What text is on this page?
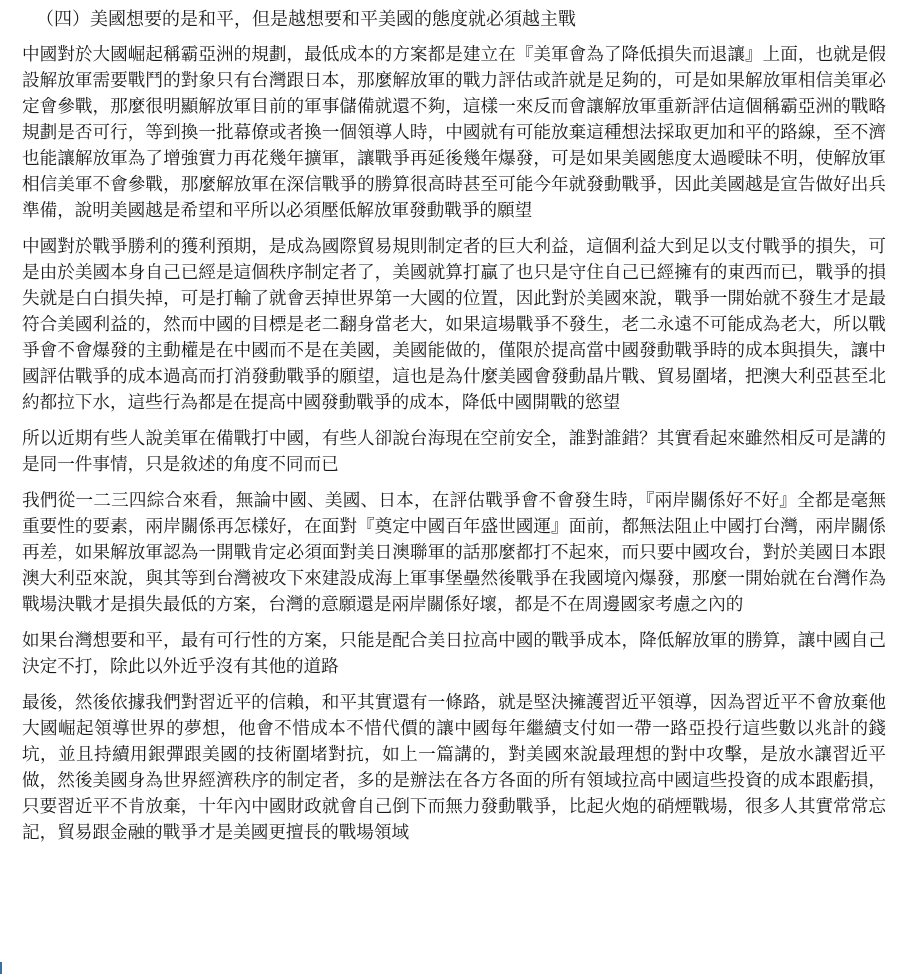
（四）美國想要的是和平，但是越想要和平美國的態度就必須越主戰

中國對於大國崛起稱霸亞洲的規劃，最低成本的方案都是建立在『美軍會為了降低損失而退讓』上面，也就是假設解放軍需要戰鬥的對象只有台灣跟日本，那麼解放軍的戰力評估或許就是足夠的，可是如果解放軍相信美軍必定會參戰，那麼很明顯解放軍目前的軍事儲備就還不夠，這樣一來反而會讓解放軍重新評估這個稱霸亞洲的戰略規劃是否可行，等到換一批幕僚或者換一個領導人時，中國就有可能放棄這種想法採取更加和平的路線，至不濟也能讓解放軍為了增強實力再花幾年擴軍，讓戰爭再延後幾年爆發，可是如果美國態度太過曖昧不明，使解放軍相信美軍不會參戰，那麼解放軍在深信戰爭的勝算很高時甚至可能今年就發動戰爭，因此美國越是宣告做好出兵準備，說明美國越是希望和平所以必須壓低解放軍發動戰爭的願望

中國對於戰爭勝利的獲利預期，是成為國際貿易規則制定者的巨大利益，這個利益大到足以支付戰爭的損失，可是由於美國本身自己已經是這個秩序制定者了，美國就算打贏了也只是守住自己已經擁有的東西而已，戰爭的損失就是白白損失掉，可是打輸了就會丟掉世界第一大國的位置，因此對於美國來說，戰爭一開始就不發生才是最符合美國利益的，然而中國的目標是老二翻身當老大，如果這場戰爭不發生，老二永遠不可能成為老大，所以戰爭會不會爆發的主動權是在中國而不是在美國，美國能做的，僅限於提高當中國發動戰爭時的成本與損失，讓中國評估戰爭的成本過高而打消發動戰爭的願望，這也是為什麼美國會發動晶片戰、貿易圍堵，把澳大利亞甚至北約都拉下水，這些行為都是在提高中國發動戰爭的成本，降低中國開戰的慾望

所以近期有些人說美軍在備戰打中國，有些人卻說台海現在空前安全，誰對誰錯？其實看起來雖然相反可是講的是同一件事情，只是敘述的角度不同而已

我們從一二三四綜合來看，無論中國、美國、日本，在評估戰爭會不會發生時，『兩岸關係好不好』全都是毫無重要性的要素，兩岸關係再怎樣好，在面對『奠定中國百年盛世國運』面前，都無法阻止中國打台灣，兩岸關係再差，如果解放軍認為一開戰肯定必須面對美日澳聯軍的話那麼都打不起來，而只要中國攻台，對於美國日本跟澳大利亞來說，與其等到台灣被攻下來建設成海上軍事堡壘然後戰爭在我國境內爆發，那麼一開始就在台灣作為戰場決戰才是損失最低的方案，台灣的意願還是兩岸關係好壞，都是不在周邊國家考慮之內的

如果台灣想要和平，最有可行性的方案，只能是配合美日拉高中國的戰爭成本，降低解放軍的勝算，讓中國自己決定不打，除此以外近乎沒有其他的道路

最後，然後依據我們對習近平的信賴，和平其實還有一條路，就是堅決擁護習近平領導，因為習近平不會放棄他大國崛起領導世界的夢想，他會不惜成本不惜代價的讓中國每年繼續支付如一帶一路亞投行這些數以兆計的錢坑，並且持續用銀彈跟美國的技術圍堵對抗，如上一篇講的，對美國來說最理想的對中攻擊，是放水讓習近平做，然後美國身為世界經濟秩序的制定者，多的是辦法在各方各面的所有領域拉高中國這些投資的成本跟虧損，只要習近平不肯放棄，十年內中國財政就會自己倒下而無力發動戰爭，比起火炮的硝煙戰場，很多人其實常常忘記，貿易跟金融的戰爭才是美國更擅長的戰場領域
